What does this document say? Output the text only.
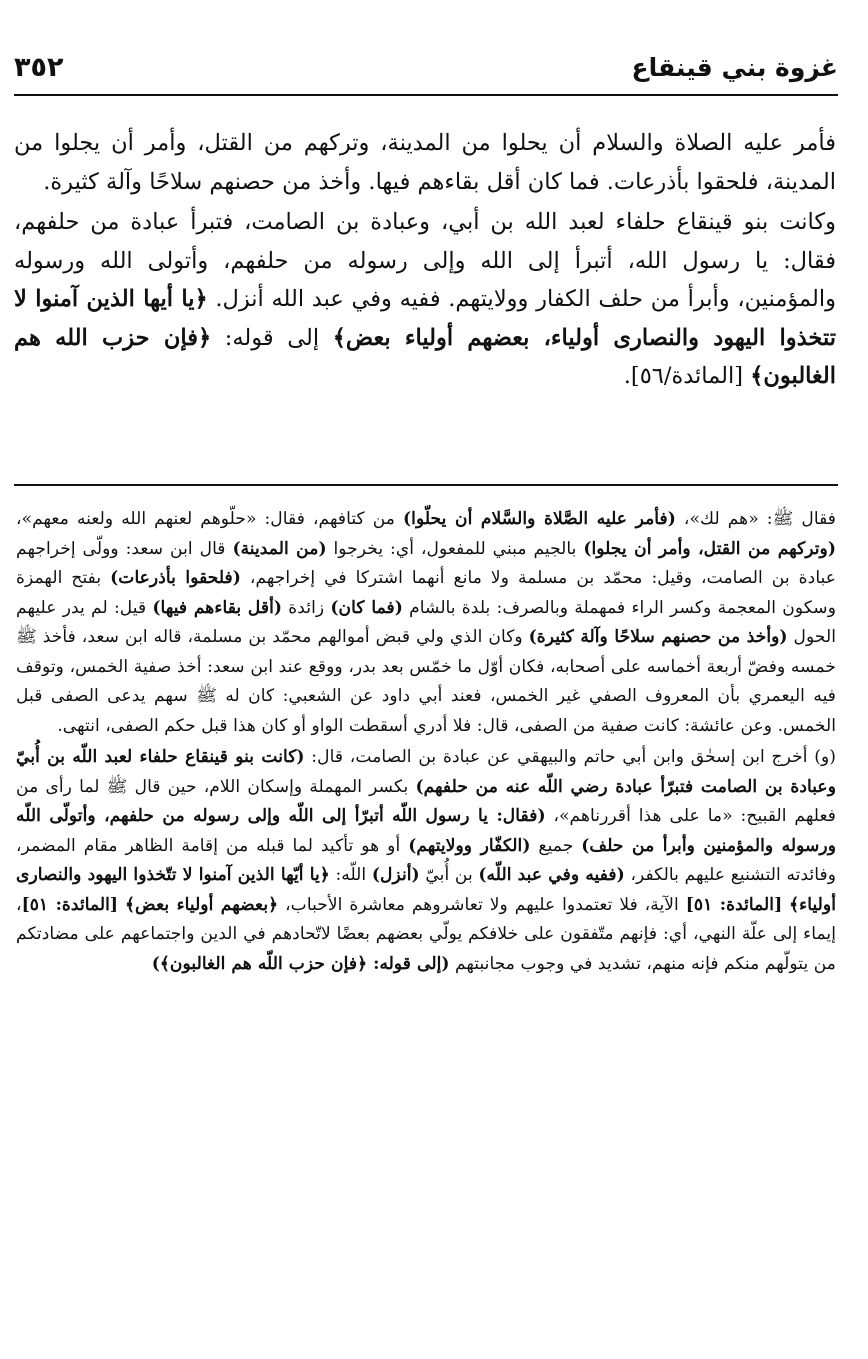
غزوة بني قينقاع
٣٥٢

فأمر عليه الصلاة والسلام أن يحلوا من المدينة، وتركهم من القتل، وأمر أن يجلوا من المدينة، فلحقوا بأذرعات. فما كان أقل بقاءهم فيها. وأخذ من حصنهم سلاحًا وآلة كثيرة.

وكانت بنو قينقاع حلفاء لعبد الله بن أبي، وعبادة بن الصامت، فتبرأ عبادة من حلفهم، فقال: يا رسول الله، أتبرأ إلى الله وإلى رسوله من حلفهم، وأتولى الله ورسوله والمؤمنين، وأبرأ من حلف الكفار وولايتهم. ففيه وفي عبد الله أنزل. ﴿يا أيها الذين آمنوا لا تتخذوا اليهود والنصارى أولياء، بعضهم أولياء بعض﴾ إلى قوله: ﴿فإن حزب الله هم الغالبون﴾ [المائدة/٥٦].

فقال ﷺ: «هم لك»، (فأمر عليه الصَّلاة والسَّلام أن يحلّوا) من كتافهم، فقال: «حلّوهم لعنهم الله ولعنه معهم»، (وتركهم من القتل، وأمر أن يجلوا) بالجيم مبني للمفعول، أي: يخرجوا (من المدينة) قال ابن سعد: وولّى إخراجهم عبادة بن الصامت، وقيل: محمّد بن مسلمة ولا مانع أنهما اشتركا في إخراجهم، (فلحقوا بأذرعات) بفتح الهمزة وسكون المعجمة وكسر الراء فمهملة وبالصرف: بلدة بالشام (فما كان) زائدة (أقل بقاءهم فيها) قيل: لم يدر عليهم الحول (وأخذ من حصنهم سلاحًا وآلة كثيرة) وكان الذي ولي قبض أموالهم محمّد بن مسلمة، قاله ابن سعد، فأخذ ﷺ خمسه وفضّ أربعة أخماسه على أصحابه، فكان أوّل ما خمّس بعد بدر، ووقع عند ابن سعد: أخذ صفية الخمس، وتوقف فيه اليعمري بأن المعروف الصفي غير الخمس، فعند أبي داود عن الشعبي: كان له ﷺ سهم يدعى الصفى قبل الخمس. وعن عائشة: كانت صفية من الصفى، قال: فلا أدري أسقطت الواو أو كان هذا قبل حكم الصفى، انتهى.

(و) أخرج ابن إسحٰق وابن أبي حاتم والبيهقي عن عبادة بن الصامت، قال: (كانت بنو قينقاع حلفاء لعبد اللّه بن أُبيّ وعبادة بن الصامت فتبرّأ عبادة رضي اللّه عنه من حلفهم) بكسر المهملة وإسكان اللام، حين قال ﷺ لما رأى من فعلهم القبيح: «ما على هذا أقررناهم»، (فقال: يا رسول اللّه أتبرّأ إلى اللّه وإلى رسوله من حلفهم، وأتولّى اللّه ورسوله والمؤمنين وأبرأ من حلف) جميع (الكفّار وولايتهم) أو هو تأكيد لما قبله من إقامة الظاهر مقام المضمر، وفائدته التشنيع عليهم بالكفر، (ففيه وفي عبد اللّه) بن أُبيّ (أنزل) اللّه: ﴿يا أيّها الذين آمنوا لا تتّخذوا اليهود والنصارى أولياء﴾ [المائدة: ٥١] الآية، فلا تعتمدوا عليهم ولا تعاشروهم معاشرة الأحباب، ﴿بعضهم أولياء بعض﴾ [المائدة: ٥١]، إيماء إلى علّة النهي، أي: فإنهم متّفقون على خلافكم يولّي بعضهم بعضًا لاتّحادهم في الدين واجتماعهم على مضادتكم من يتولّهم منكم فإنه منهم، تشديد في وجوب مجانبتهم (إلى قوله: ﴿فإن حزب اللّه هم الغالبون﴾)
